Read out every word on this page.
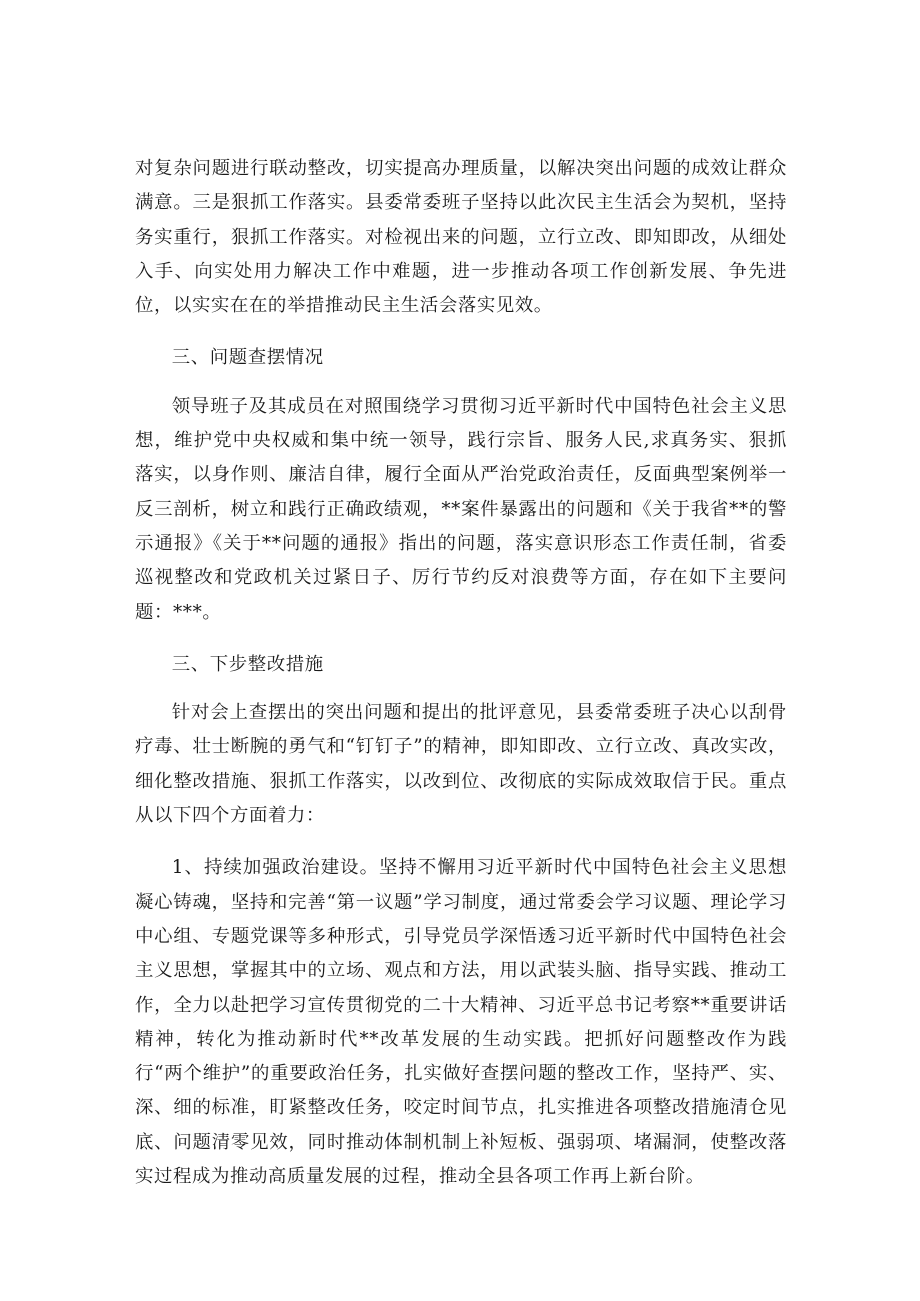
对复杂问题进行联动整改，切实提高办理质量，以解决突出问题的成效让群众满意。三是狠抓工作落实。县委常委班子坚持以此次民主生活会为契机，坚持务实重行，狠抓工作落实。对检视出来的问题，立行立改、即知即改，从细处入手、向实处用力解决工作中难题，进一步推动各项工作创新发展、争先进位，以实实在在的举措推动民主生活会落实见效。

三、问题查摆情况

领导班子及其成员在对照围绕学习贯彻习近平新时代中国特色社会主义思想，维护党中央权威和集中统一领导，践行宗旨、服务人民,求真务实、狠抓落实，以身作则、廉洁自律，履行全面从严治党政治责任，反面典型案例举一反三剖析，树立和践行正确政绩观，**案件暴露出的问题和《关于我省**的警示通报》《关于**问题的通报》指出的问题，落实意识形态工作责任制，省委巡视整改和党政机关过紧日子、厉行节约反对浪费等方面，存在如下主要问题：***。

三、下步整改措施

针对会上查摆出的突出问题和提出的批评意见，县委常委班子决心以刮骨疗毒、壮士断腕的勇气和“钉钉子”的精神，即知即改、立行立改、真改实改，细化整改措施、狠抓工作落实，以改到位、改彻底的实际成效取信于民。重点从以下四个方面着力：

1、持续加强政治建设。坚持不懈用习近平新时代中国特色社会主义思想凝心铸魂，坚持和完善“第一议题”学习制度，通过常委会学习议题、理论学习中心组、专题党课等多种形式，引导党员学深悟透习近平新时代中国特色社会主义思想，掌握其中的立场、观点和方法，用以武装头脑、指导实践、推动工作，全力以赴把学习宣传贯彻党的二十大精神、习近平总书记考察**重要讲话精神，转化为推动新时代**改革发展的生动实践。把抓好问题整改作为践行“两个维护”的重要政治任务，扎实做好查摆问题的整改工作，坚持严、实、深、细的标准，盯紧整改任务，咬定时间节点，扎实推进各项整改措施清仓见底、问题清零见效，同时推动体制机制上补短板、强弱项、堵漏洞，使整改落实过程成为推动高质量发展的过程，推动全县各项工作再上新台阶。
